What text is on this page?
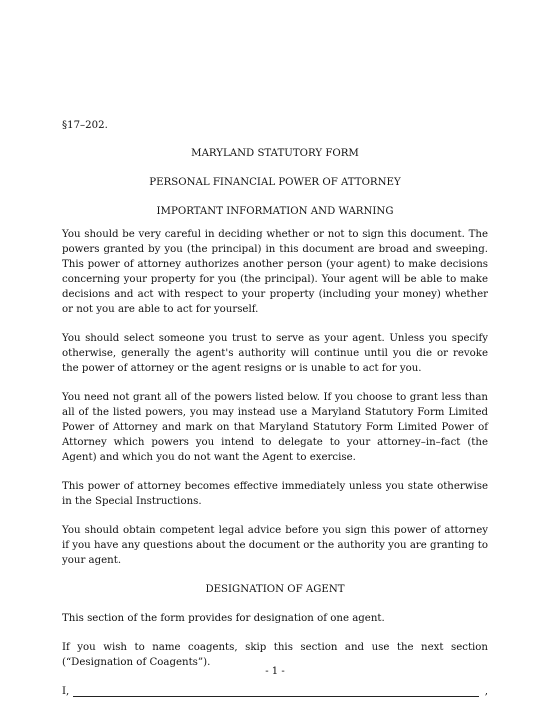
§17–202.

MARYLAND STATUTORY FORM

PERSONAL FINANCIAL POWER OF ATTORNEY

IMPORTANT INFORMATION AND WARNING

You should be very careful in deciding whether or not to sign this document. The powers granted by you (the principal) in this document are broad and sweeping. This power of attorney authorizes another person (your agent) to make decisions concerning your property for you (the principal). Your agent will be able to make decisions and act with respect to your property (including your money) whether or not you are able to act for yourself.

You should select someone you trust to serve as your agent. Unless you specify otherwise, generally the agent's authority will continue until you die or revoke the power of attorney or the agent resigns or is unable to act for you.

You need not grant all of the powers listed below. If you choose to grant less than all of the listed powers, you may instead use a Maryland Statutory Form Limited Power of Attorney and mark on that Maryland Statutory Form Limited Power of Attorney which powers you intend to delegate to your attorney–in–fact (the Agent) and which you do not want the Agent to exercise.

This power of attorney becomes effective immediately unless you state otherwise in the Special Instructions.

You should obtain competent legal advice before you sign this power of attorney if you have any questions about the document or the authority you are granting to your agent.

DESIGNATION OF AGENT

This section of the form provides for designation of one agent.

If you wish to name coagents, skip this section and use the next section (“Designation of Coagents”).

I,	,
- 1 -
